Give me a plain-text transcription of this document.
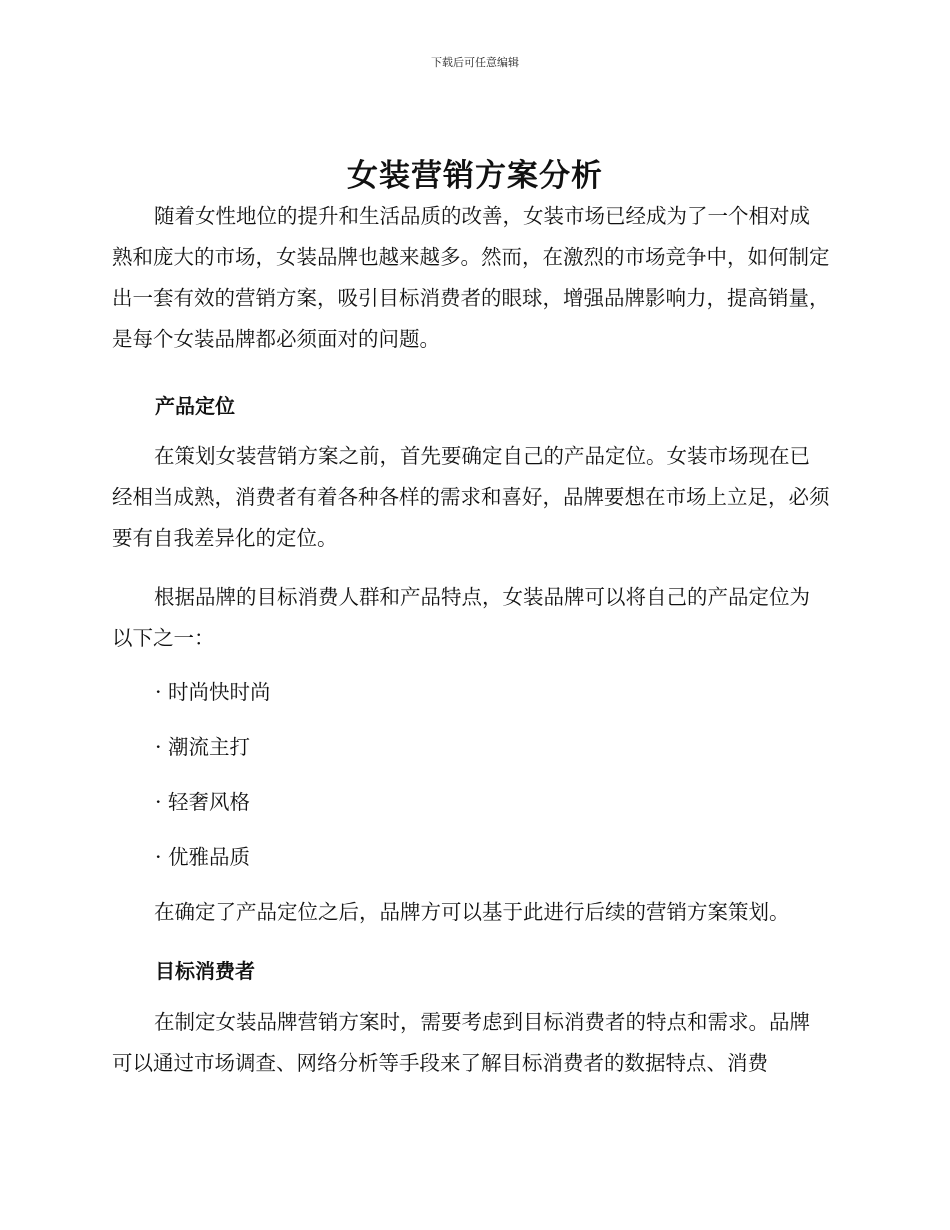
下载后可任意编辑
女装营销方案分析

随着女性地位的提升和生活品质的改善，女装市场已经成为了一个相对成熟和庞大的市场，女装品牌也越来越多。然而，在激烈的市场竞争中，如何制定出一套有效的营销方案，吸引目标消费者的眼球，增强品牌影响力，提高销量，是每个女装品牌都必须面对的问题。

产品定位

在策划女装营销方案之前，首先要确定自己的产品定位。女装市场现在已经相当成熟，消费者有着各种各样的需求和喜好，品牌要想在市场上立足，必须要有自我差异化的定位。

根据品牌的目标消费人群和产品特点，女装品牌可以将自己的产品定位为以下之一：

· 时尚快时尚
· 潮流主打
· 轻奢风格
· 优雅品质

在确定了产品定位之后，品牌方可以基于此进行后续的营销方案策划。

目标消费者

在制定女装品牌营销方案时，需要考虑到目标消费者的特点和需求。品牌可以通过市场调查、网络分析等手段来了解目标消费者的数据特点、消费
